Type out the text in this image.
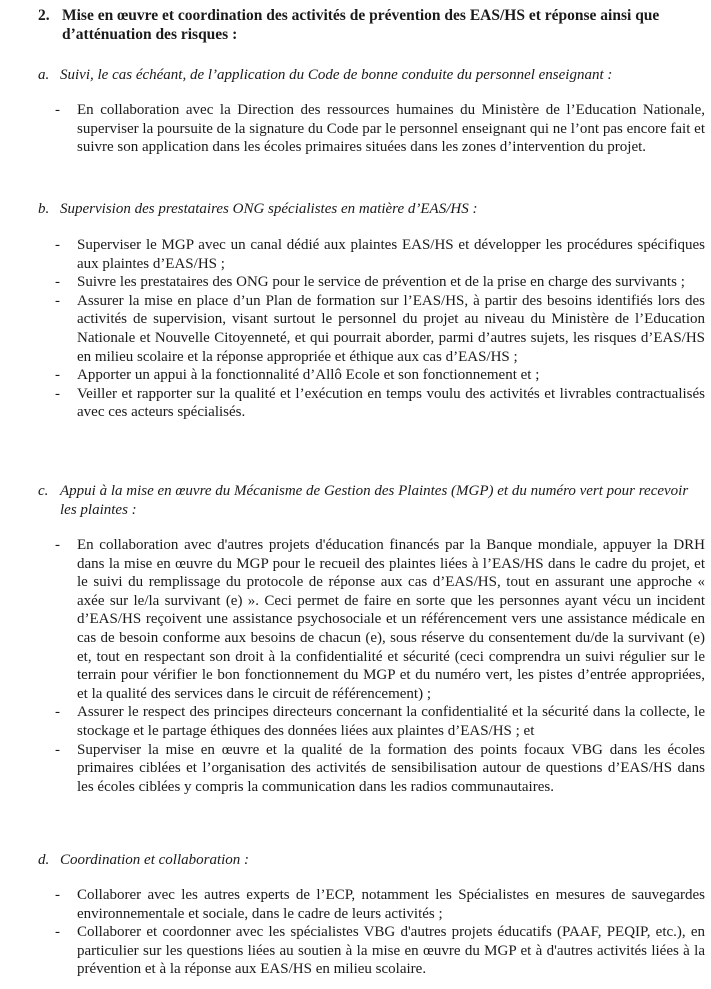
2. Mise en œuvre et coordination des activités de prévention des EAS/HS et réponse ainsi que d’atténuation des risques :
a. Suivi, le cas échéant, de l’application du Code de bonne conduite du personnel enseignant :
-	En collaboration avec la Direction des ressources humaines du Ministère de l’Education Nationale, superviser la poursuite de la signature du Code par le personnel enseignant qui ne l’ont pas encore fait et suivre son application dans les écoles primaires situées dans les zones d’intervention du projet.
b. Supervision des prestataires ONG spécialistes en matière d’EAS/HS :
-	Superviser le MGP avec un canal dédié aux plaintes EAS/HS et développer les procédures spécifiques aux plaintes d’EAS/HS ;
-	Suivre les prestataires des ONG pour le service de prévention et de la prise en charge des survivants ;
-	Assurer la mise en place d’un Plan de formation sur l’EAS/HS, à partir des besoins identifiés lors des activités de supervision, visant surtout le personnel du projet au niveau du Ministère de l’Education Nationale et Nouvelle Citoyenneté, et qui pourrait aborder, parmi d’autres sujets, les risques d’EAS/HS en milieu scolaire et la réponse appropriée et éthique aux cas d’EAS/HS ;
-	Apporter un appui à la fonctionnalité d’Allô Ecole et son fonctionnement et ;
-	Veiller et rapporter sur la qualité et l’exécution en temps voulu des activités et livrables contractualisés avec ces acteurs spécialisés.
c. Appui à la mise en œuvre du Mécanisme de Gestion des Plaintes (MGP) et du numéro vert pour recevoir les plaintes :
-	En collaboration avec d'autres projets d'éducation financés par la Banque mondiale, appuyer la DRH dans la mise en œuvre du MGP pour le recueil des plaintes liées à l’EAS/HS dans le cadre du projet, et le suivi du remplissage du protocole de réponse aux cas d’EAS/HS, tout en assurant une approche « axée sur le/la survivant (e) ». Ceci permet de faire en sorte que les personnes ayant vécu un incident d’EAS/HS reçoivent une assistance psychosociale et un référencement vers une assistance médicale en cas de besoin conforme aux besoins de chacun (e), sous réserve du consentement du/de la survivant (e) et, tout en respectant son droit à la confidentialité et sécurité (ceci comprendra un suivi régulier sur le terrain pour vérifier le bon fonctionnement du MGP et du numéro vert, les pistes d’entrée appropriées, et la qualité des services dans le circuit de référencement) ;
-	Assurer le respect des principes directeurs concernant la confidentialité et la sécurité dans la collecte, le stockage et le partage éthiques des données liées aux plaintes d’EAS/HS ; et
-	Superviser la mise en œuvre et la qualité de la formation des points focaux VBG dans les écoles primaires ciblées et l’organisation des activités de sensibilisation autour de questions d’EAS/HS dans les écoles ciblées y compris la communication dans les radios communautaires.
d. Coordination et collaboration :
-	Collaborer avec les autres experts de l’ECP, notamment les Spécialistes en mesures de sauvegardes environnementale et sociale, dans le cadre de leurs activités ;
-	Collaborer et coordonner avec les spécialistes VBG d'autres projets éducatifs (PAAF, PEQIP, etc.), en particulier sur les questions liées au soutien à la mise en œuvre du MGP et à d'autres activités liées à la prévention et à la réponse aux EAS/HS en milieu scolaire.
